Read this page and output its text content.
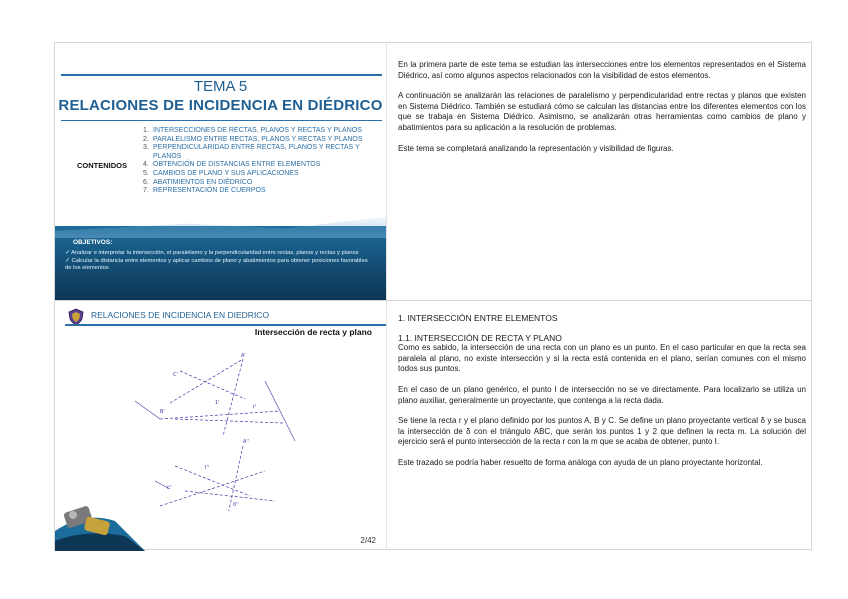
TEMA 5
RELACIONES DE INCIDENCIA EN DIÉDRICO
CONTENIDOS
1. INTERSECCIONES DE RECTAS, PLANOS Y RECTAS Y PLANOS
2. PARALELISMO ENTRE RECTAS, PLANOS Y RECTAS Y PLANOS
3. PERPENDICULARIDAD ENTRE RECTAS, PLANOS Y RECTAS Y PLANOS
4. OBTENCIÓN DE DISTANCIAS ENTRE ELEMENTOS
5. CAMBIOS DE PLANO Y SUS APLICACIONES
6. ABATIMIENTOS EN DIÉDRICO
7. REPRESENTACIÓN DE CUERPOS
OBJETIVOS:
✓ Analizar e interpretar la intersección, el paralelismo y la perpendicularidad entre rectas, planos y rectas y planos
✓ Calcular la distancia entre elementos y aplicar cambios de plano y abatimientos para obtener posiciones favorables de los elementos
RELACIONES DE INCIDENCIA EN DIEDRICO
Intersección de recta y plano
A'
C'
B'
1'
r'
A''
I''
r''
δ''
2/42

En la primera parte de este tema se estudian las intersecciones entre los elementos representados en el Sistema Diédrico, así como algunos aspectos relacionados con la visibilidad de estos elementos.

A continuación se analizarán las relaciones de paralelismo y perpendicularidad entre rectas y planos que existen en Sistema Diédrico. También se estudiará cómo se calculan las distancias entre los diferentes elementos con los que se trabaja en Sistema Diédrico. Asimismo, se analizarán otras herramientas como cambios de plano y abatimientos para su aplicación a la resolución de problemas.

Este tema se completará analizando la representación y visibilidad de figuras.

1. INTERSECCIÓN ENTRE ELEMENTOS

1.1. INTERSECCIÓN DE RECTA Y PLANO

Como es sabido, la intersección de una recta con un plano es un punto. En el caso particular en que la recta sea paralela al plano, no existe intersección y si la recta está contenida en el plano, serían comunes con el mismo todos sus puntos.

En el caso de un plano genérico, el punto I de intersección no se ve directamente. Para localizarlo se utiliza un plano auxiliar, generalmente un proyectante, que contenga a la recta dada.

Se tiene la recta r y el plano definido por los puntos A, B y C. Se define un plano proyectante vertical δ y se busca la intersección de δ con el triángulo ABC, que serán los puntos 1 y 2 que definen la recta m. La solución del ejercicio será el punto intersección de la recta r con la m que se acaba de obtener, punto I.

Este trazado se podría haber resuelto de forma análoga con ayuda de un plano proyectante horizontal.
